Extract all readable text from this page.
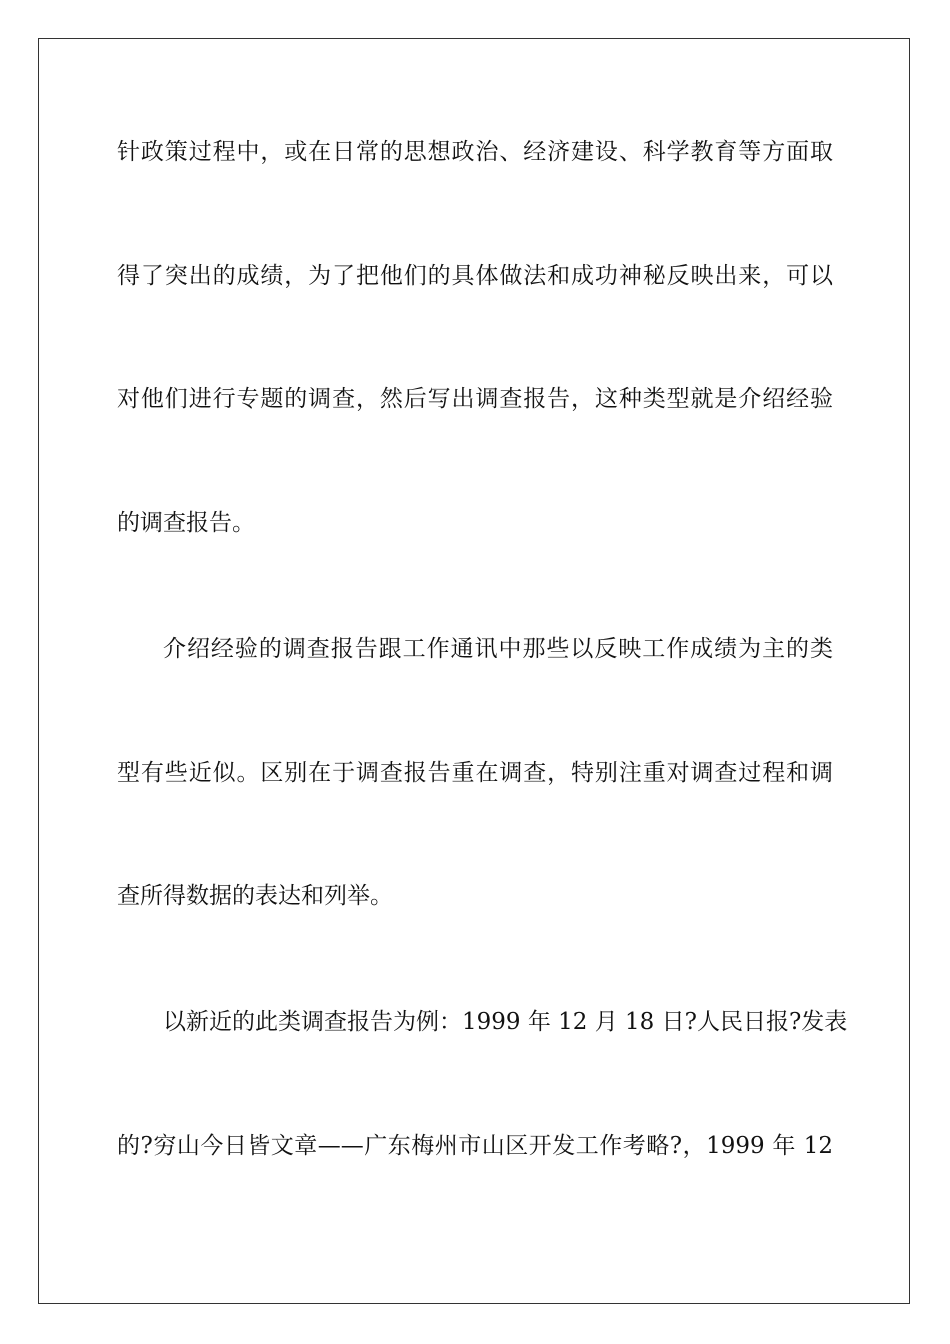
针政策过程中，或在日常的思想政治、经济建设、科学教育等方面取
得了突出的成绩，为了把他们的具体做法和成功神秘反映出来，可以
对他们进行专题的调查，然后写出调查报告，这种类型就是介绍经验
的调查报告。
介绍经验的调查报告跟工作通讯中那些以反映工作成绩为主的类
型有些近似。区别在于调查报告重在调查，特别注重对调查过程和调
查所得数据的表达和列举。
以新近的此类调查报告为例：1999 年 12 月 18 日?人民日报?发表
的?穷山今日皆文章——广东梅州市山区开发工作考略?，1999 年 12
